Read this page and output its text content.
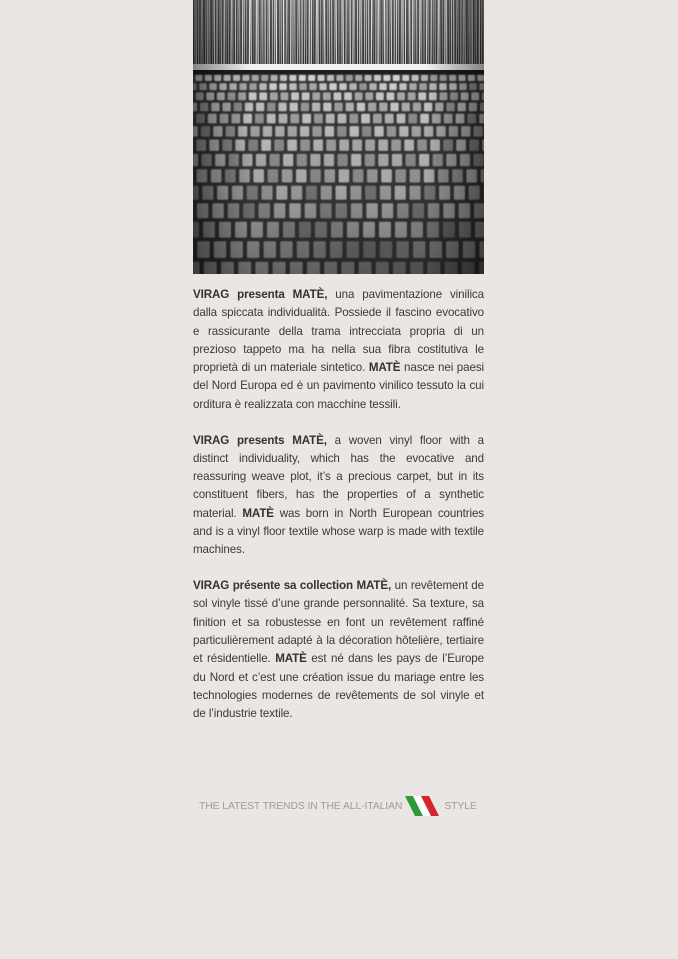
VIRAG presenta MATÈ, una pavimentazione vinilica dalla spiccata individualità. Possiede il fascino evocativo e rassicurante della trama intrecciata propria di un prezioso tappeto ma ha nella sua fibra costitutiva le proprietà di un materiale sintetico. MATÈ nasce nei paesi del Nord Europa ed è un pavimento vinilico tessuto la cui orditura è realizzata con macchine tessili.

VIRAG presents MATÈ, a woven vinyl floor with a distinct individuality, which has the evocative and reassuring weave plot, it’s a precious carpet, but in its constituent fibers, has the properties of a synthetic material. MATÈ was born in North European countries and is a vinyl floor textile whose warp is made with textile machines.

VIRAG présente sa collection MATÈ, un revêtement de sol vinyle tissé d’une grande personnalité. Sa texture, sa finition et sa robustesse en font un revêtement raffiné particulièrement adapté à la décoration hôtelière, tertiaire et résidentielle. MATÈ est né dans les pays de l’Europe du Nord et c’est une création issue du mariage entre les technologies modernes de revêtements de sol vinyle et de l’industrie textile.

THE LATEST TRENDS IN THE ALL-ITALIAN	STYLE
